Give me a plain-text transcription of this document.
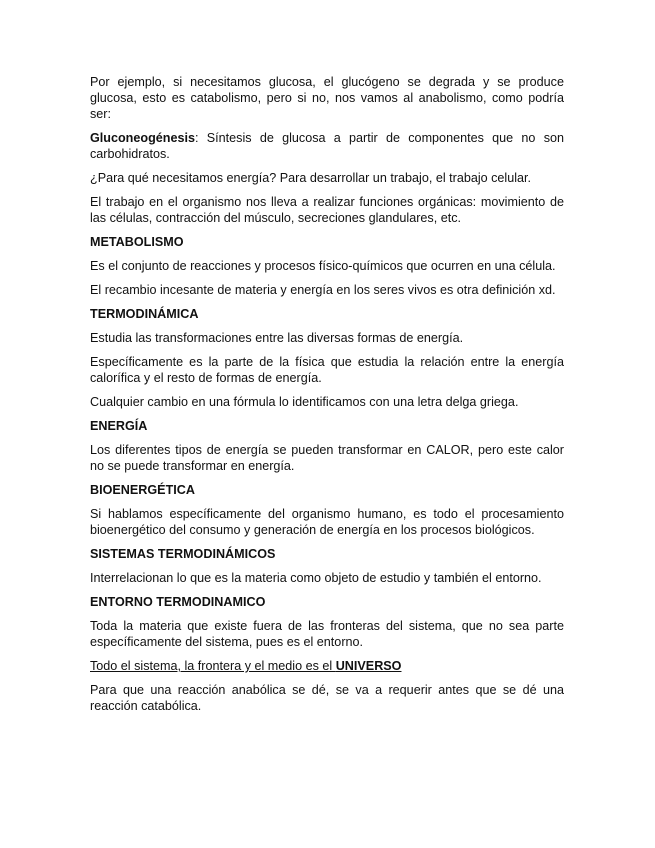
Por ejemplo, si necesitamos glucosa, el glucógeno se degrada y se produce glucosa, esto es catabolismo, pero si no, nos vamos al anabolismo, como podría ser:

Gluconeogénesis: Síntesis de glucosa a partir de componentes que no son carbohidratos.

¿Para qué necesitamos energía? Para desarrollar un trabajo, el trabajo celular.

El trabajo en el organismo nos lleva a realizar funciones orgánicas: movimiento de las células, contracción del músculo, secreciones glandulares, etc.

METABOLISMO

Es el conjunto de reacciones y procesos físico-químicos que ocurren en una célula.

El recambio incesante de materia y energía en los seres vivos es otra definición xd.

TERMODINÁMICA

Estudia las transformaciones entre las diversas formas de energía.

Específicamente es la parte de la física que estudia la relación entre la energía calorífica y el resto de formas de energía.

Cualquier cambio en una fórmula lo identificamos con una letra delga griega.

ENERGÍA

Los diferentes tipos de energía se pueden transformar en CALOR, pero este calor no se puede transformar en energía.

BIOENERGÉTICA

Si hablamos específicamente del organismo humano, es todo el procesamiento bioenergético del consumo y generación de energía en los procesos biológicos.

SISTEMAS TERMODINÁMICOS

Interrelacionan lo que es la materia como objeto de estudio y también el entorno.

ENTORNO TERMODINAMICO

Toda la materia que existe fuera de las fronteras del sistema, que no sea parte específicamente del sistema, pues es el entorno.

Todo el sistema, la frontera y el medio es el UNIVERSO

Para que una reacción anabólica se dé, se va a requerir antes que se dé una reacción catabólica.
